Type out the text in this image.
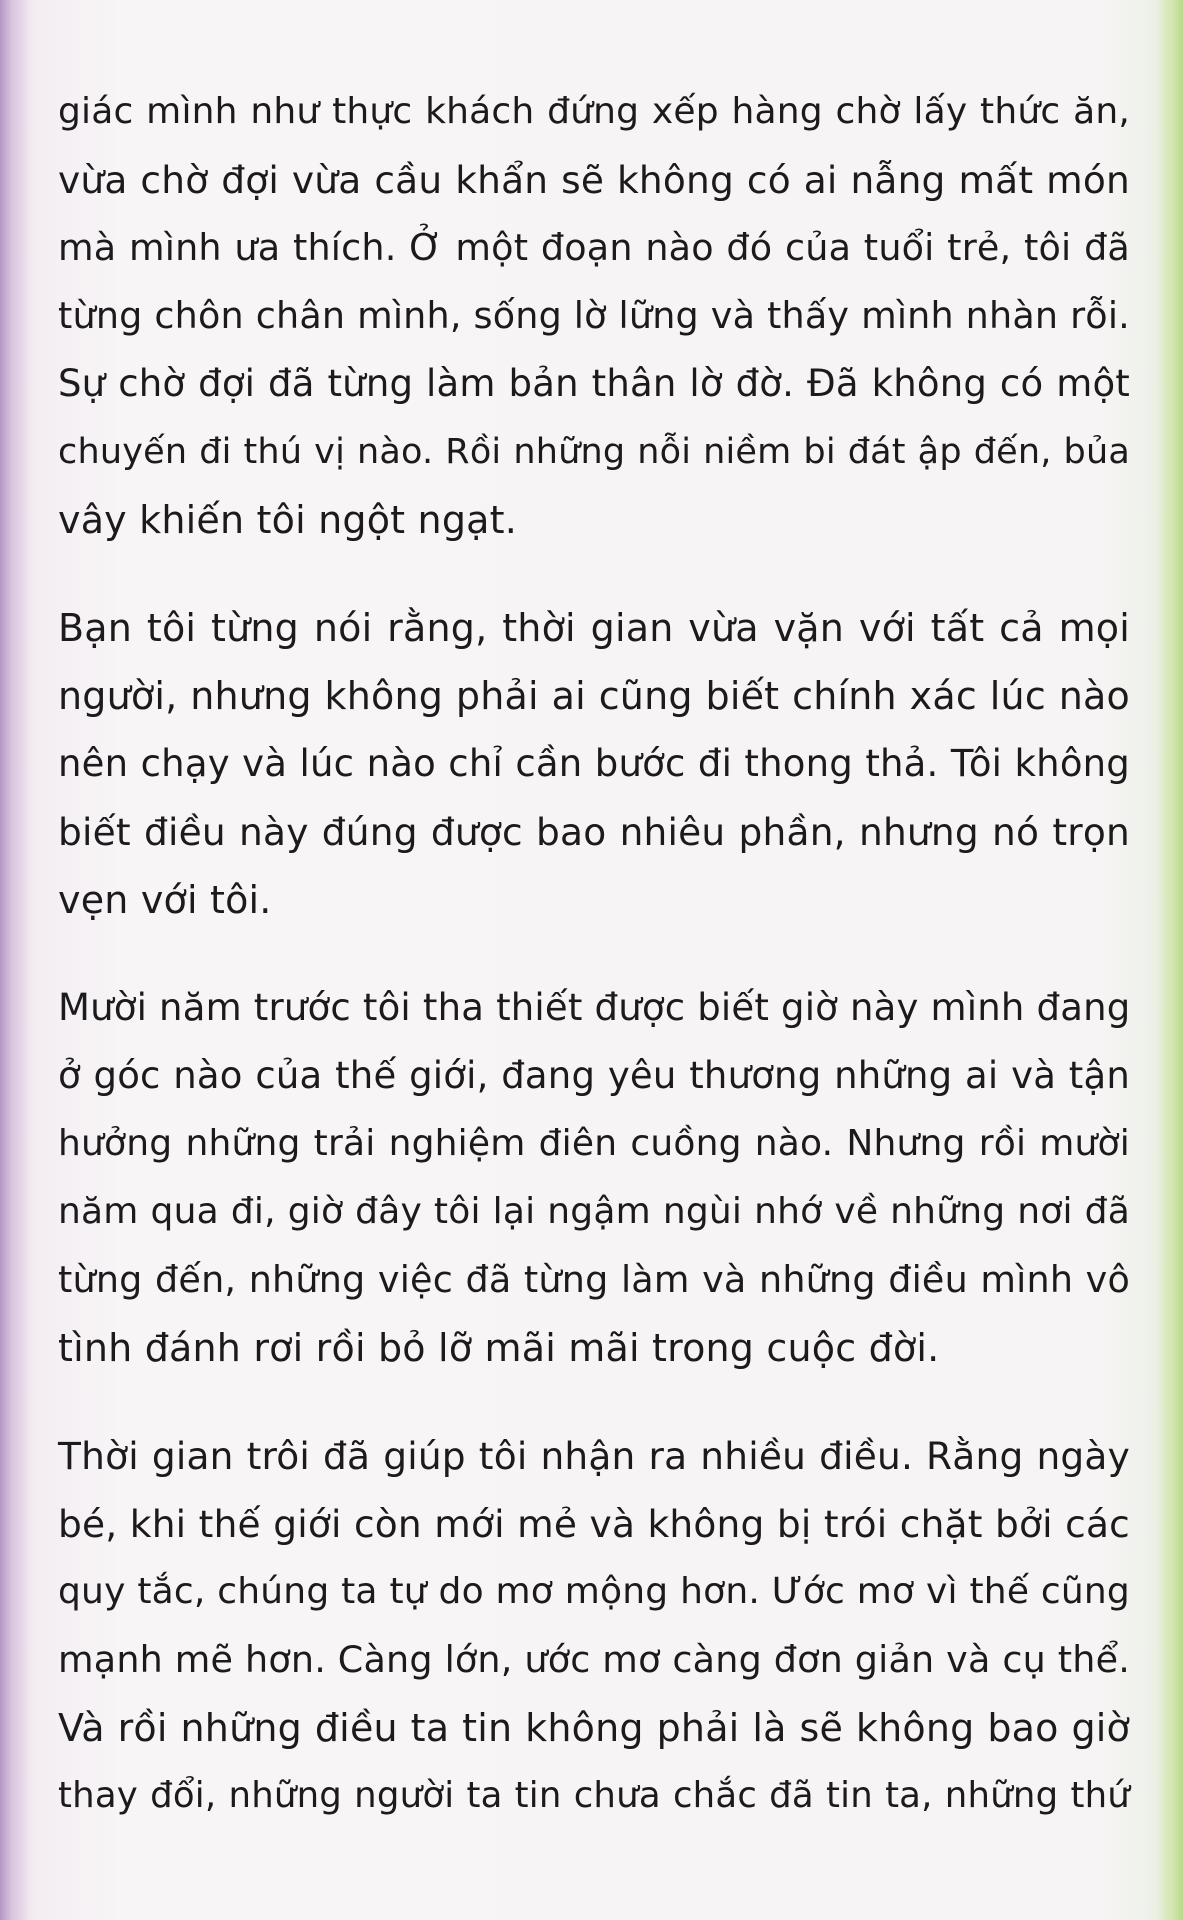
giác mình như thực khách đứng xếp hàng chờ lấy thức ăn,
vừa chờ đợi vừa cầu khẩn sẽ không có ai nẫng mất món
mà mình ưa thích. Ở một đoạn nào đó của tuổi trẻ, tôi đã
từng chôn chân mình, sống lờ lững và thấy mình nhàn rỗi.
Sự chờ đợi đã từng làm bản thân lờ đờ. Đã không có một
chuyến đi thú vị nào. Rồi những nỗi niềm bi đát ập đến, bủa
vây khiến tôi ngột ngạt.
Bạn tôi từng nói rằng, thời gian vừa vặn với tất cả mọi
người, nhưng không phải ai cũng biết chính xác lúc nào
nên chạy và lúc nào chỉ cần bước đi thong thả. Tôi không
biết điều này đúng được bao nhiêu phần, nhưng nó trọn
vẹn với tôi.
Mười năm trước tôi tha thiết được biết giờ này mình đang
ở góc nào của thế giới, đang yêu thương những ai và tận
hưởng những trải nghiệm điên cuồng nào. Nhưng rồi mười
năm qua đi, giờ đây tôi lại ngậm ngùi nhớ về những nơi đã
từng đến, những việc đã từng làm và những điều mình vô
tình đánh rơi rồi bỏ lỡ mãi mãi trong cuộc đời.
Thời gian trôi đã giúp tôi nhận ra nhiều điều. Rằng ngày
bé, khi thế giới còn mới mẻ và không bị trói chặt bởi các
quy tắc, chúng ta tự do mơ mộng hơn. Ước mơ vì thế cũng
mạnh mẽ hơn. Càng lớn, ước mơ càng đơn giản và cụ thể.
Và rồi những điều ta tin không phải là sẽ không bao giờ
thay đổi, những người ta tin chưa chắc đã tin ta, những thứ
